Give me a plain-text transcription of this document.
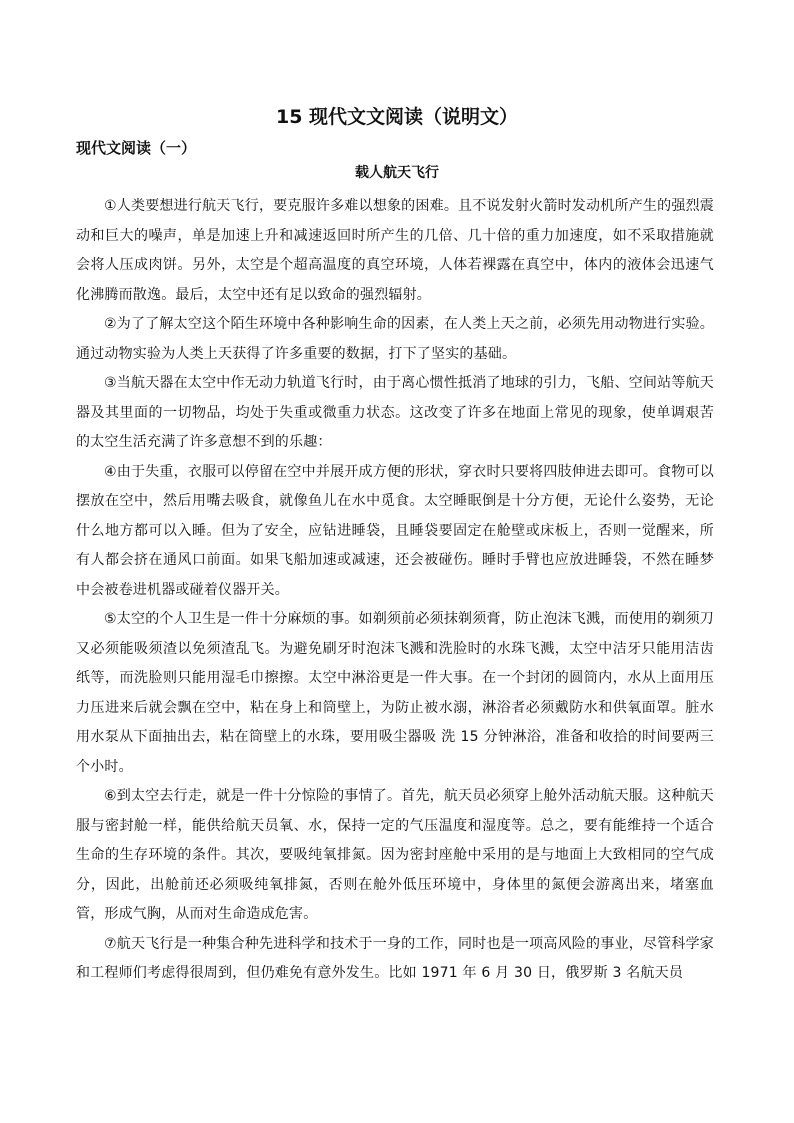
15 现代文文阅读（说明文）
现代文阅读（一）
载人航天飞行

①人类要想进行航天飞行，要克服许多难以想象的困难。且不说发射火箭时发动机所产生的强烈震动和巨大的噪声，单是加速上升和减速返回时所产生的几倍、几十倍的重力加速度，如不采取措施就会将人压成肉饼。另外，太空是个超高温度的真空环境，人体若裸露在真空中，体内的液体会迅速气化沸腾而散逸。最后，太空中还有足以致命的强烈辐射。

②为了了解太空这个陌生环境中各种影响生命的因素，在人类上天之前，必须先用动物进行实验。通过动物实验为人类上天获得了许多重要的数据，打下了坚实的基础。

③当航天器在太空中作无动力轨道飞行时，由于离心惯性抵消了地球的引力，飞船、空间站等航天器及其里面的一切物品，均处于失重或微重力状态。这改变了许多在地面上常见的现象，使单调艰苦的太空生活充满了许多意想不到的乐趣：

④由于失重，衣服可以停留在空中并展开成方便的形状，穿衣时只要将四肢伸进去即可。食物可以摆放在空中，然后用嘴去吸食，就像鱼儿在水中觅食。太空睡眠倒是十分方便，无论什么姿势，无论什么地方都可以入睡。但为了安全，应钻进睡袋，且睡袋要固定在舱壁或床板上，否则一觉醒来，所有人都会挤在通风口前面。如果飞船加速或减速，还会被碰伤。睡时手臂也应放进睡袋，不然在睡梦中会被卷进机器或碰着仪器开关。

⑤太空的个人卫生是一件十分麻烦的事。如剃须前必须抹剃须膏，防止泡沫飞溅，而使用的剃须刀又必须能吸须渣以免须渣乱飞。为避免刷牙时泡沫飞溅和洗脸时的水珠飞溅，太空中洁牙只能用洁齿纸等，而洗脸则只能用湿毛巾擦擦。太空中淋浴更是一件大事。在一个封闭的圆筒内，水从上面用压力压进来后就会飘在空中，粘在身上和筒壁上，为防止被水溺，淋浴者必须戴防水和供氧面罩。脏水用水泵从下面抽出去，粘在筒壁上的水珠，要用吸尘器吸 洗 15 分钟淋浴，准备和收拾的时间要两三个小时。

⑥到太空去行走，就是一件十分惊险的事情了。首先，航天员必须穿上舱外活动航天服。这种航天服与密封舱一样，能供给航天员氧、水，保持一定的气压温度和湿度等。总之，要有能维持一个适合生命的生存环境的条件。其次，要吸纯氧排氮。因为密封座舱中采用的是与地面上大致相同的空气成分，因此，出舱前还必须吸纯氧排氮，否则在舱外低压环境中，身体里的氮便会游离出来，堵塞血管，形成气胸，从而对生命造成危害。

⑦航天飞行是一种集合种先进科学和技术于一身的工作，同时也是一项高风险的事业，尽管科学家和工程师们考虑得很周到，但仍难免有意外发生。比如 1971 年 6 月 30 日，俄罗斯 3 名航天员
